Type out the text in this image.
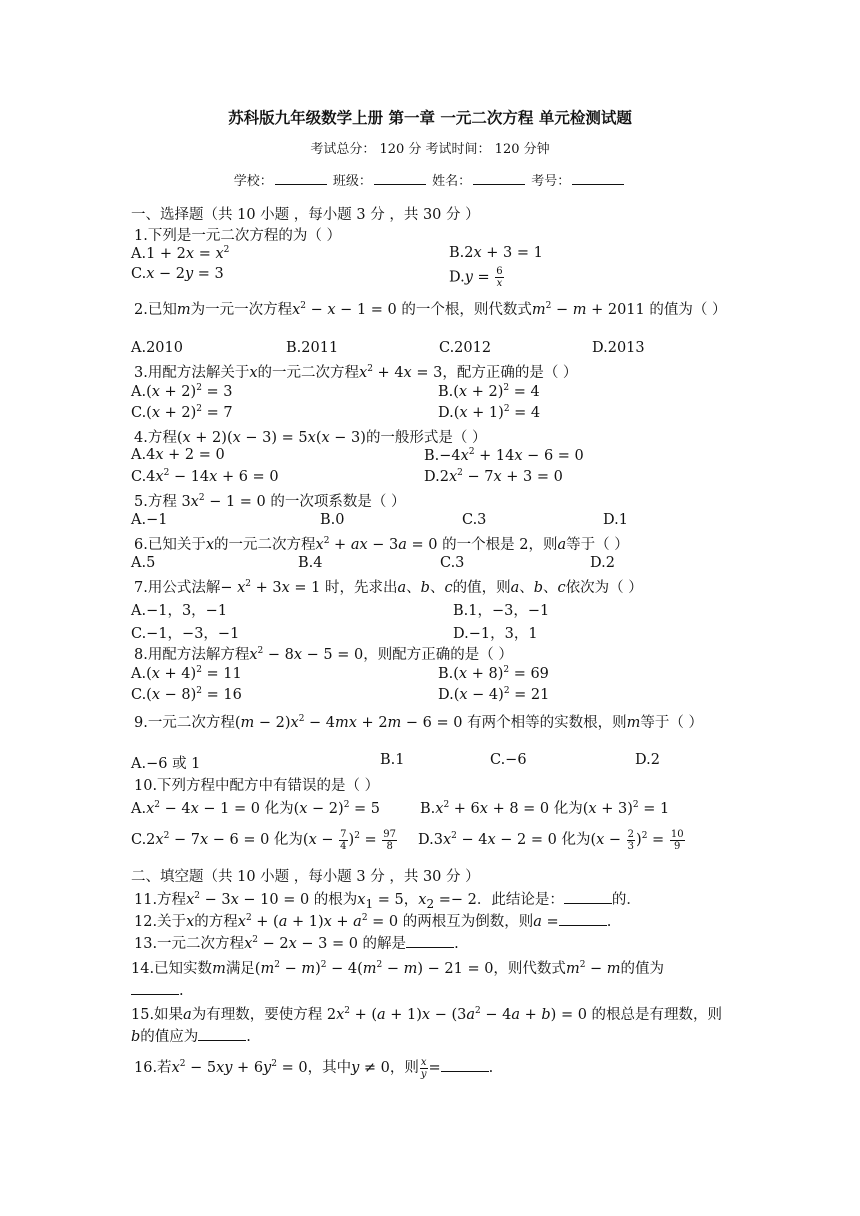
苏科版九年级数学上册 第一章 一元二次方程 单元检测试题
考试总分： 120 分 考试时间： 120 分钟
学校：	班级：	姓名：	考号：
一、选择题（共 10 小题 ，每小题 3 分 ，共 30 分 ）
1.下列是一元二次方程的为（ ）
$A.1 + 2x = x^2$	B.2x + 3 = 1
C.x − 2y = 3	$D.y = \frac{6}{x}$
2.已知m为一元一次方程$x^2 - x - 1 = 0$ 的一个根，则代数式$m^2 - m + 2011$ 的值为（ ）
A.2010	B.2011	C.2012	D.2013
3.用配方法解关于x的一元二次方程$x^2 + 4x = 3$，配方正确的是（ ）
$A.(x + 2)^2 = 3$	$B.(x + 2)^2 = 4$
$C.(x + 2)^2 = 7$	$D.(x + 1)^2 = 4$
4.方程(x + 2)(x − 3) = 5x(x − 3)的一般形式是（ ）
A.4x + 2 = 0	$B.-4x^2 + 14x - 6 = 0$
$C.4x^2 - 14x + 6 = 0$	$D.2x^2 - 7x + 3 = 0$
5.方程 $3x^2 - 1 = 0$ 的一次项系数是（ ）
A.−1	B.0	C.3	D.1
6.已知关于x的一元二次方程$x^2$ + ax − 3a = 0 的一个根是 2，则a等于（ ）
A.5	B.4	C.3	D.2
7.用公式法解− $x^2 + 3x = 1$ 时，先求出a、b、c的值，则a、b、c依次为（ ）
A.−1，3，−1	B.1，−3，−1
C.−1，−3，−1	D.−1，3，1
8.用配方法解方程$x^2 - 8x - 5 = 0$，则配方正确的是（ ）
$A.(x + 4)^2 = 11$	$B.(x + 8)^2 = 69$
$C.(x - 8)^2 = 16$	$D.(x - 4)^2 = 21$
9.一元二次方程$(m - 2)x^2 - 4mx + 2m - 6 = 0$ 有两个相等的实数根，则m等于（ ）
A.−6 或 1	B.1	C.−6	D.2
10.下列方程中配方中有错误的是（ ）
$A.x^2 - 4x - 1 = 0$ 化为$(x - 2)^2 = 5$	$B.x^2 + 6x + 8 = 0$ 化为$(x + 3)^2 = 1$
$C.2x^2 - 7x - 6 = 0$ 化为$(x - \frac{7}{4} )^2 = \frac{97}{8} D.3x^2 - 4x - 2 = 0$ 化为$(x - \frac{2}{3} )^2 = \frac{10}{9}$
二、填空题（共 10 小题 ，每小题 3 分 ，共 30 分 ）
11.方程$x^2 - 3x - 10 = 0$ 的根为$x_1 = 5$，$x_2 =- 2$．此结论是：	的．
12.关于x的方程$x^2 + (a + 1)x + a^2 = 0$ 的两根互为倒数，则a =	.
13.一元二次方程$x^2 - 2x - 3 = 0$ 的解是	.
14.已知实数m满足$(m^2 - m)^2 - 4(m^2 - m) - 21 = 0$，则代数式$m^2 - m$的值为
.
15.如果a为有理数，要使方程 $2x^2 + (a + 1)x - (3a^2 - 4a + b) = 0$ 的根总是有理数，则b的值应为	.
16.若$x^2 - 5xy + 6y^2 = 0$，其中y ≠ 0，则 $\frac{x}{y}$ =	.
